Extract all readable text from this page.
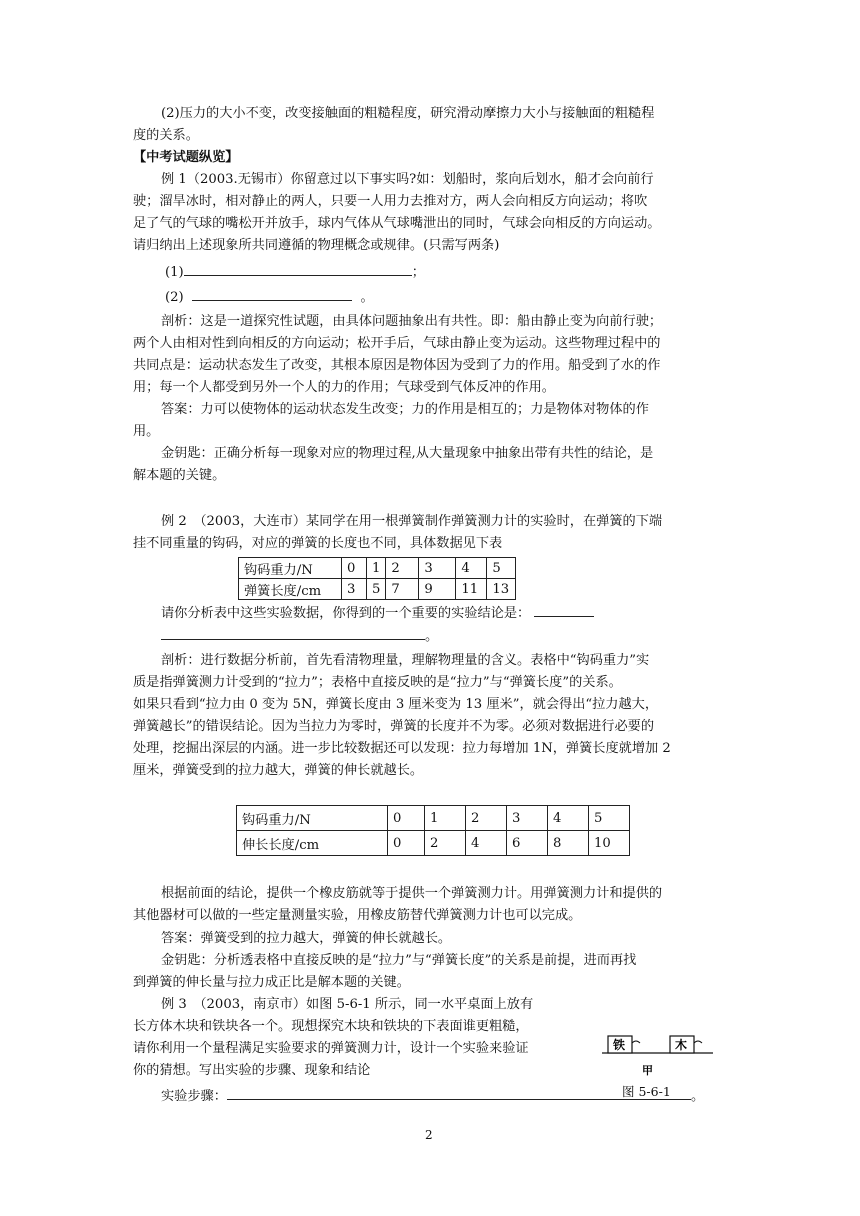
(2)压力的大小不变，改变接触面的粗糙程度，研究滑动摩擦力大小与接触面的粗糙程
度的关系。
【中考试题纵览】
例 1（2003.无锡市）你留意过以下事实吗?如：划船时，浆向后划水，船才会向前行
驶；溜旱冰时，相对静止的两人，只要一人用力去推对方，两人会向相反方向运动；将吹
足了气的气球的嘴松开并放手，球内气体从气球嘴泄出的同时，气球会向相反的方向运动。
请归纳出上述现象所共同遵循的物理概念或规律。(只需写两条)
(1)	；
(2)	。
剖析：这是一道探究性试题，由具体问题抽象出有共性。即：船由静止变为向前行驶；
两个人由相对性到向相反的方向运动；松开手后，气球由静止变为运动。这些物理过程中的
共同点是：运动状态发生了改变，其根本原因是物体因为受到了力的作用。船受到了水的作
用；每一个人都受到另外一个人的力的作用；气球受到气体反冲的作用。
答案：力可以使物体的运动状态发生改变；力的作用是相互的；力是物体对物体的作
用。
金钥匙：正确分析每一现象对应的物理过程,从大量现象中抽象出带有共性的结论，是
解本题的关键。
例 2　（2003，大连市）某同学在用一根弹簧制作弹簧测力计的实验时，在弹簧的下端
挂不同重量的钩码，对应的弹簧的长度也不同，具体数据见下表
钩码重力/N	0	1	2	3	4	5
弹簧长度/cm	3	5	7	9	11	13
请你分析表中这些实验数据，你得到的一个重要的实验结论是：
。
剖析：进行数据分析前，首先看清物理量，理解物理量的含义。表格中“钩码重力”实
质是指弹簧测力计受到的“拉力”；表格中直接反映的是“拉力”与“弹簧长度”的关系。
如果只看到“拉力由 0 变为 5N，弹簧长度由 3 厘米变为 13 厘米”，就会得出“拉力越大，
弹簧越长”的错误结论。因为当拉力为零时，弹簧的长度并不为零。必须对数据进行必要的
处理，挖掘出深层的内涵。进一步比较数据还可以发现：拉力每增加 1N，弹簧长度就增加 2
厘米，弹簧受到的拉力越大，弹簧的伸长就越长。
钩码重力/N	0	1	2	3	4	5
伸长长度/cm	0	2	4	6	8	10
根据前面的结论，提供一个橡皮筋就等于提供一个弹簧测力计。用弹簧测力计和提供的
其他器材可以做的一些定量测量实验，用橡皮筋替代弹簧测力计也可以完成。
答案：弹簧受到的拉力越大，弹簧的伸长就越长。
金钥匙：分析透表格中直接反映的是“拉力”与“弹簧长度”的关系是前提，进而再找
到弹簧的伸长量与拉力成正比是解本题的关键。
例 3　（2003，南京市）如图 5-6-1 所示，同一水平桌面上放有
长方体木块和铁块各一个。现想探究木块和铁块的下表面谁更粗糙，
请你利用一个量程满足实验要求的弹簧测力计，设计一个实验来验证
你的猜想。写出实验的步骤、现象和结论
实验步骤：	。
铁	木
甲
图 5-6-1
2
